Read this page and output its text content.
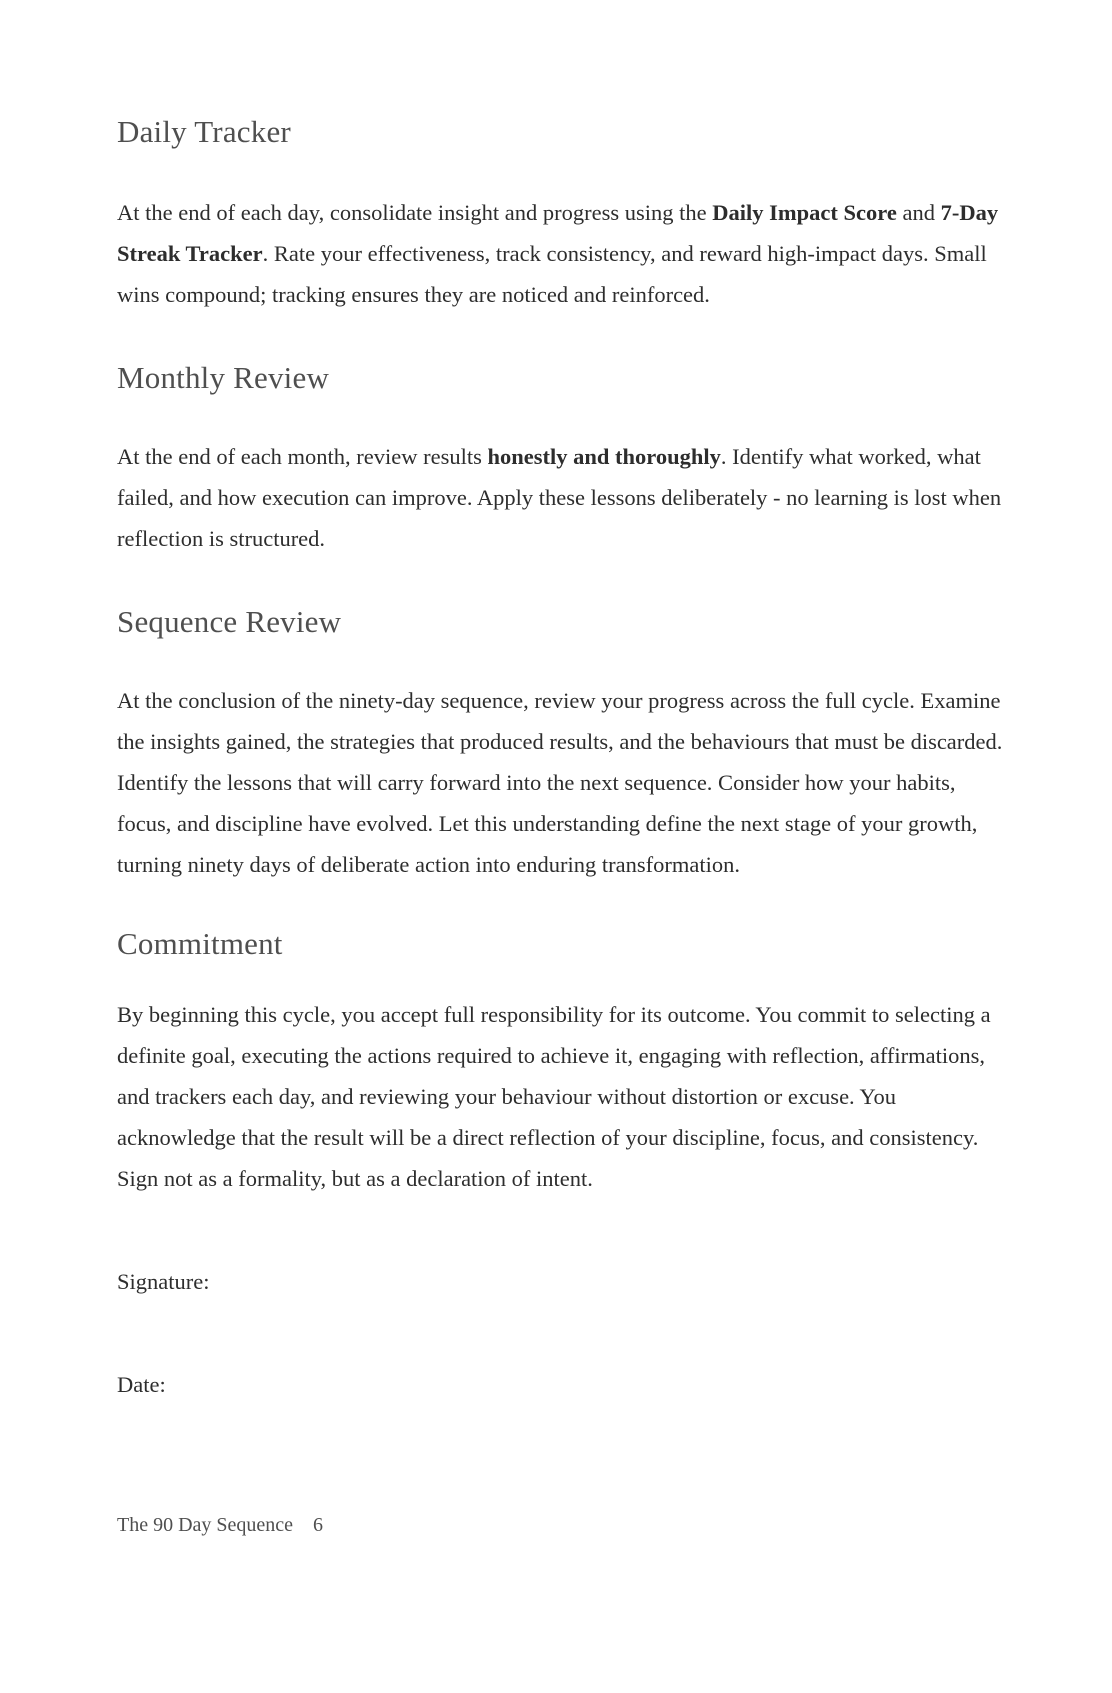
Daily Tracker

At the end of each day, consolidate insight and progress using the Daily Impact Score and 7-Day Streak Tracker. Rate your effectiveness, track consistency, and reward high-impact days. Small wins compound; tracking ensures they are noticed and reinforced.

Monthly Review

At the end of each month, review results honestly and thoroughly. Identify what worked, what failed, and how execution can improve. Apply these lessons deliberately - no learning is lost when reflection is structured.

Sequence Review

At the conclusion of the ninety-day sequence, review your progress across the full cycle. Examine the insights gained, the strategies that produced results, and the behaviours that must be discarded. Identify the lessons that will carry forward into the next sequence. Consider how your habits, focus, and discipline have evolved. Let this understanding define the next stage of your growth, turning ninety days of deliberate action into enduring transformation.

Commitment

By beginning this cycle, you accept full responsibility for its outcome. You commit to selecting a definite goal, executing the actions required to achieve it, engaging with reflection, affirmations, and trackers each day, and reviewing your behaviour without distortion or excuse. You acknowledge that the result will be a direct reflection of your discipline, focus, and consistency. Sign not as a formality, but as a declaration of intent.

Signature:
Date:
The 90 Day Sequence 6
